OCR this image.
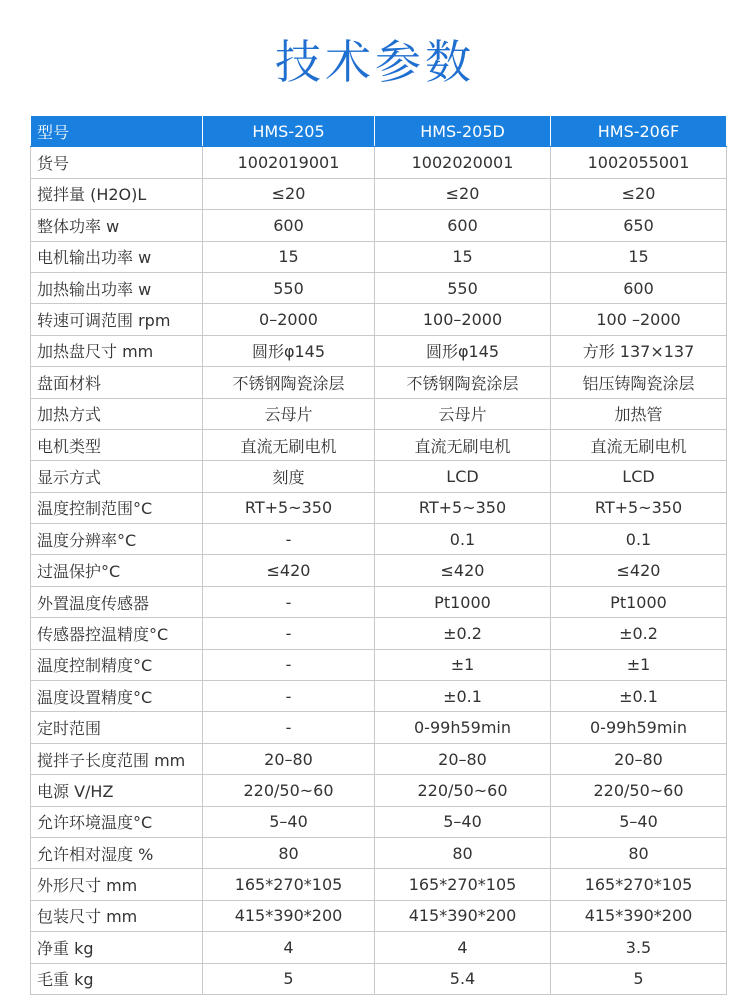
技术参数
型号	HMS-205	HMS-205D	HMS-206F
货号	1002019001	1002020001	1002055001
搅拌量 (H2O)L	≤20	≤20	≤20
整体功率 w	600	600	650
电机输出功率 w	15	15	15
加热输出功率 w	550	550	600
转速可调范围 rpm	0–2000	100–2000	100 –2000
加热盘尺寸 mm	圆形φ145	圆形φ145	方形 137×137
盘面材料	不锈钢陶瓷涂层	不锈钢陶瓷涂层	铝压铸陶瓷涂层
加热方式	云母片	云母片	加热管
电机类型	直流无刷电机	直流无刷电机	直流无刷电机
显示方式	刻度	LCD	LCD
温度控制范围°C	RT+5~350	RT+5~350	RT+5~350
温度分辨率°C	-	0.1	0.1
过温保护°C	≤420	≤420	≤420
外置温度传感器	-	Pt1000	Pt1000
传感器控温精度°C	-	±0.2	±0.2
温度控制精度°C	-	±1	±1
温度设置精度°C	-	±0.1	±0.1
定时范围	-	0-99h59min	0-99h59min
搅拌子长度范围 mm	20–80	20–80	20–80
电源 V/HZ	220/50~60	220/50~60	220/50~60
允许环境温度°C	5–40	5–40	5–40
允许相对湿度 %	80	80	80
外形尺寸 mm	165*270*105	165*270*105	165*270*105
包装尺寸 mm	415*390*200	415*390*200	415*390*200
净重 kg	4	4	3.5
毛重 kg	5	5.4	5
